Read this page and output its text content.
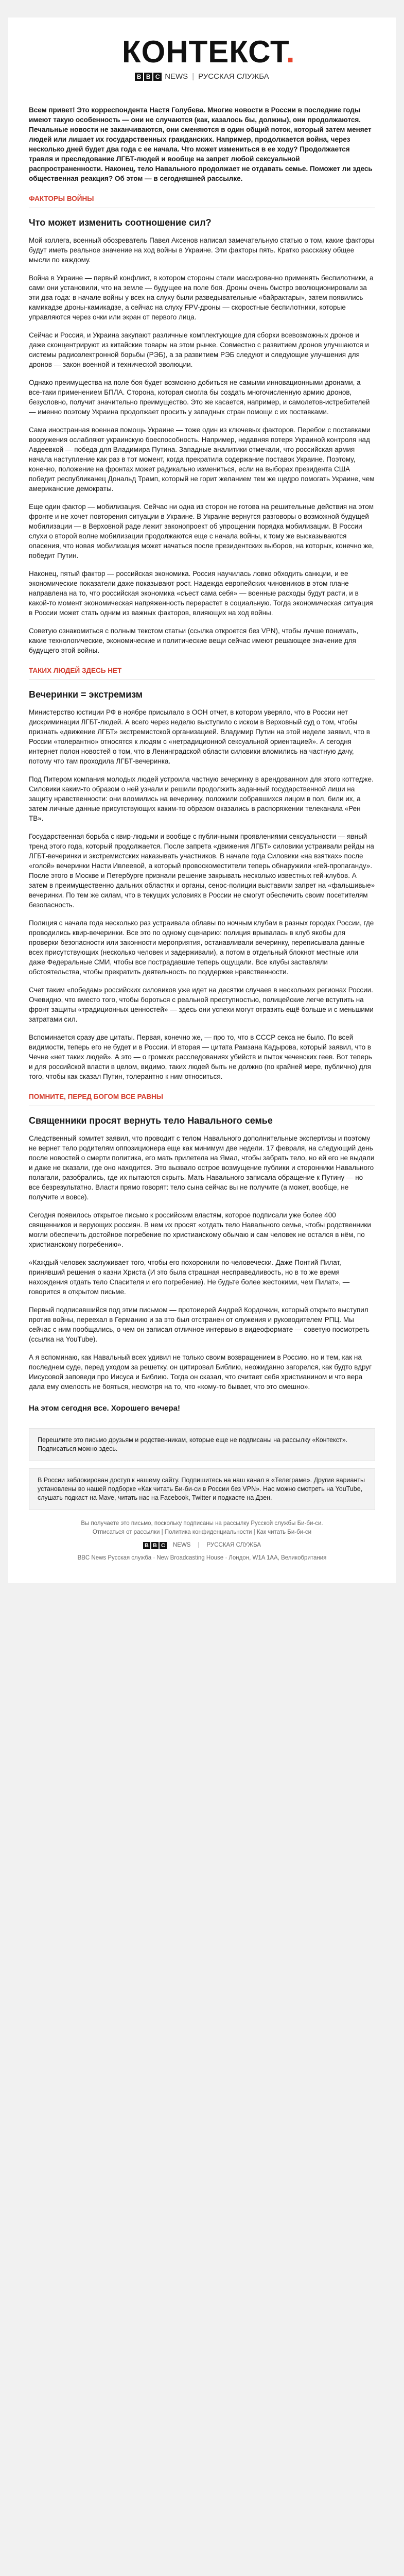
КОНТЕКСТ.
B B C NEWS | РУССКАЯ СЛУЖБА

Всем привет! Это корреспондента Настя Голубева. Многие новости в России в последние годы имеют такую особенность — они не случаются (как, казалось бы, должны), они продолжаются. Печальные новости не заканчиваются, они сменяются в один общий поток, который затем меняет людей или лишает их государственных гражданских. Например, продолжается война, через несколько дней будет два года с ее начала. Что может измениться в ее ходу? Продолжается травля и преследование ЛГБТ-людей и вообще на запрет любой сексуальной распространенности. Наконец, тело Навального продолжает не отдавать семье. Поможет ли здесь общественная реакция? Об этом — в сегодняшней рассылке.

ФАКТОРЫ ВОЙНЫ
Что может изменить соотношение сил?

Мой коллега, военный обозреватель Павел Аксенов написал замечательную статью о том, какие факторы будут иметь реальное значение на ход войны в Украине. Эти факторы пять. Кратко расскажу общее мысли по каждому.

Война в Украине — первый конфликт, в котором стороны стали массированно применять беспилотники, а сами они установили, что на земле — будущее на поле боя. Дроны очень быстро эволюционировали за эти два года: в начале войны у всех на слуху были разведывательные «байрактары», затем появились камикадзе дроны-камикадзе, а сейчас на слуху FPV-дроны — скоростные беспилотники, которые управляются через очки или экран от первого лица.

Сейчас и Россия, и Украина закупают различные комплектующие для сборки всевозможных дронов и даже сконцентрируют из китайские товары на этом рынке. Совместно с развитием дронов улучшаются и системы радиоэлектронной борьбы (РЭБ), а за развитием РЭБ следуют и следующие улучшения для дронов — закон военной и технической эволюции.

Однако преимущества на поле боя будет возможно добиться не самыми инновационными дронами, а все-таки применением БПЛА. Сторона, которая смогла бы создать многочисленную армию дронов, безусловно, получит значительно преимущество. Это же касается, например, и самолетов-истребителей — именно поэтому Украина продолжает просить у западных стран помощи с их поставками.

Сама иностранная военная помощь Украине — тоже один из ключевых факторов. Перебои с поставками вооружения ослабляют украинскую боеспособность. Например, недавняя потеря Украиной контроля над Авдеевкой — победа для Владимира Путина. Западные аналитики отмечали, что российская армия начала наступление как раз в тот момент, когда прекратила содержание поставок Украине. Поэтому, конечно, положение на фронтах может радикально измениться, если на выборах президента США победит республиканец Дональд Трамп, который не горит желанием тем же щедро помогать Украине, чем американские демократы.

Еще один фактор — мобилизация. Сейчас ни одна из сторон не готова на решительные действия на этом фронте и не хочет повторения ситуации в Украине. В Украине вернутся разговоры о возможной будущей мобилизации — в Верховной раде лежит законопроект об упрощении порядка мобилизации. В России слухи о второй волне мобилизации продолжаются еще с начала войны, к тому же высказываются опасения, что новая мобилизация может начаться после президентских выборов, на которых, конечно же, победит Путин.

Наконец, пятый фактор — российская экономика. Россия научилась ловко обходить санкции, и ее экономические показатели даже показывают рост. Надежда европейских чиновников в этом плане направлена на то, что российская экономика «съест сама себя» — военные расходы будут расти, и в какой-то момент экономическая напряженность перерастет в социальную. Тогда экономическая ситуация в России может стать одним из важных факторов, влияющих на ход войны.

Советую ознакомиться с полным текстом статьи (ссылка откроется без VPN), чтобы лучше понимать, какие технологические, экономические и политические вещи сейчас имеют решающее значение для будущего этой войны.

ТАКИХ ЛЮДЕЙ ЗДЕСЬ НЕТ
Вечеринки = экстремизм

Министерство юстиции РФ в ноябре присылало в ООН отчет, в котором уверяло, что в России нет дискриминации ЛГБТ-людей. А всего через неделю выступило с иском в Верховный суд о том, чтобы признать «движение ЛГБТ» экстремистской организацией. Владимир Путин на этой неделе заявил, что в России «толерантно» относятся к людям с «нетрадиционной сексуальной ориентацией». А сегодня интернет полон новостей о том, что в Ленинградской области силовики вломились на частную дачу, потому что там проходила ЛГБТ-вечеринка.

Под Питером компания молодых людей устроила частную вечеринку в арендованном для этого коттедже. Силовики каким-то образом о ней узнали и решили продолжить заданный государственной лиши на защиту нравственности: они вломились на вечеринку, положили собравшихся лицом в пол, били их, а затем личные данные присутствующих каким-то образом оказались в распоряжении телеканала «Рен ТВ».

Государственная борьба с квир-людьми и вообще с публичными проявлениями сексуальности — явный тренд этого года, который продолжается. После запрета «движения ЛГБТ» силовики устраивали рейды на ЛГБТ-вечеринки и экстремистских наказывать участников. В начале года Силовики «на взятках» после «голой» вечеринки Насти Ивлеевой, а который провоскоместители теперь обнаружили «гей-пропаганду». После этого в Москве и Петербурге признали решение закрывать несколько известных гей-клубов. А затем в преимущественно дальних областях и органы, сенос-полиции выставили запрет на «фальшивые» вечеринки. По тем же силам, что в текущих условиях в России не смогут обеспечить своим посетителям безопасность.

Полиция с начала года несколько раз устраивала облавы по ночным клубам в разных городах России, где проводились квир-вечеринки. Все это по одному сценарию: полиция врывалась в клуб якобы для проверки безопасности или законности мероприятия, останавливали вечеринку, переписывала данные всех присутствующих (несколько человек и задерживали), а потом в отдельный блокнот местные или даже Федеральные СМИ, чтобы все пострадавшие теперь ощущали. Все клубы заставляли обстоятельства, чтобы прекратить деятельность по поддержке нравственности.

Счет таким «победам» российских силовиков уже идет на десятки случаев в нескольких регионах России. Очевидно, что вместо того, чтобы бороться с реальной преступностью, полицейские легче вступить на фронт защиты «традиционных ценностей» — здесь они успехи могут отразить ещё больше и с меньшими затратами сил.

Вспоминается сразу две цитаты. Первая, конечно же, — про то, что в СССР секса не было. По всей видимости, теперь его не будет и в России. И вторая — цитата Рамзана Кадырова, который заявил, что в Чечне «нет таких людей». А это — о громких расследованиях убийств и пыток чеченских геев. Вот теперь и для российской власти в целом, видимо, таких людей быть не должно (по крайней мере, публично) для того, чтобы как сказал Путин, толерантно к ним относиться.

ПОМНИТЕ, ПЕРЕД БОГОМ ВСЕ РАВНЫ
Священники просят вернуть тело Навального семье

Следственный комитет заявил, что проводит с телом Навального дополнительные экспертизы и поэтому не вернет тело родителям оппозиционера еще как минимум две недели. 17 февраля, на следующий день после новостей о смерти политика, его мать прилетела на Ямал, чтобы забрать тело, но ей его не выдали и даже не сказали, где оно находится. Это вызвало острое возмущение публики и сторонники Навального полагали, разобрались, где их пытаются скрыть. Мать Навального записала обращение к Путину — но все безрезультатно. Власти прямо говорят: тело сына сейчас вы не получите (а может, вообще, не получите и вовсе).

Сегодня появилось открытое письмо к российским властям, которое подписали уже более 400 священников и верующих россиян. В нем их просят «отдать тело Навального семье, чтобы родственники могли обеспечить достойное погребение по христианскому обычаю и сам человек не остался в нём, по христианскому погребению».

«Каждый человек заслуживает того, чтобы его похоронили по-человечески. Даже Понтий Пилат, принявший решения о казни Христа (И это была страшная несправедливость, но в то же время нахождения отдать тело Спасителя и его погребение). Не будьте более жестокими, чем Пилат», — говорится в открытом письме.

Первый подписавшийся под этим письмом — протоиерей Андрей Кордочкин, который открыто выступил против войны, переехал в Германию и за это был отстранен от служения и руководителем РПЦ. Мы сейчас с ним пообщались, о чем он записал отличное интервью в видеоформате — советую посмотреть (ссылка на YouTube).

А я вспоминаю, как Навальный всех удивил не только своим возвращением в Россию, но и тем, как на последнем суде, перед уходом за решетку, он цитировал Библию, неожиданно загорелся, как будто вдруг Иисусовой заповеди про Иисуса и Библию. Тогда он сказал, что считает себя христианином и что вера дала ему смелость не бояться, несмотря на то, что «кому-то бывает, что это смешно».

На этом сегодня все. Хорошего вечера!
Перешлите это письмо друзьям и родственникам, которые еще не подписаны на рассылку «Контекст». Подписаться можно здесь.
В России заблокирован доступ к нашему сайту. Подпишитесь на наш канал в «Телеграме». Другие варианты установлены во нашей подборке «Как читать Би-би-си в России без VPN». Нас можно смотреть на YouTube, слушать подкаст на Mave, читать нас на Facebook, Twitter и подкасте на Дзен.
Вы получаете это письмо, поскольку подписаны на рассылку Русской службы Би-би-си.
Отписаться от рассылки | Политика конфиденциальности | Как читать Би-би-си
B B C NEWS | РУССКАЯ СЛУЖБА
BBC News Русская служба · New Broadcasting House · Лондон, W1A 1AA, Великобритания
